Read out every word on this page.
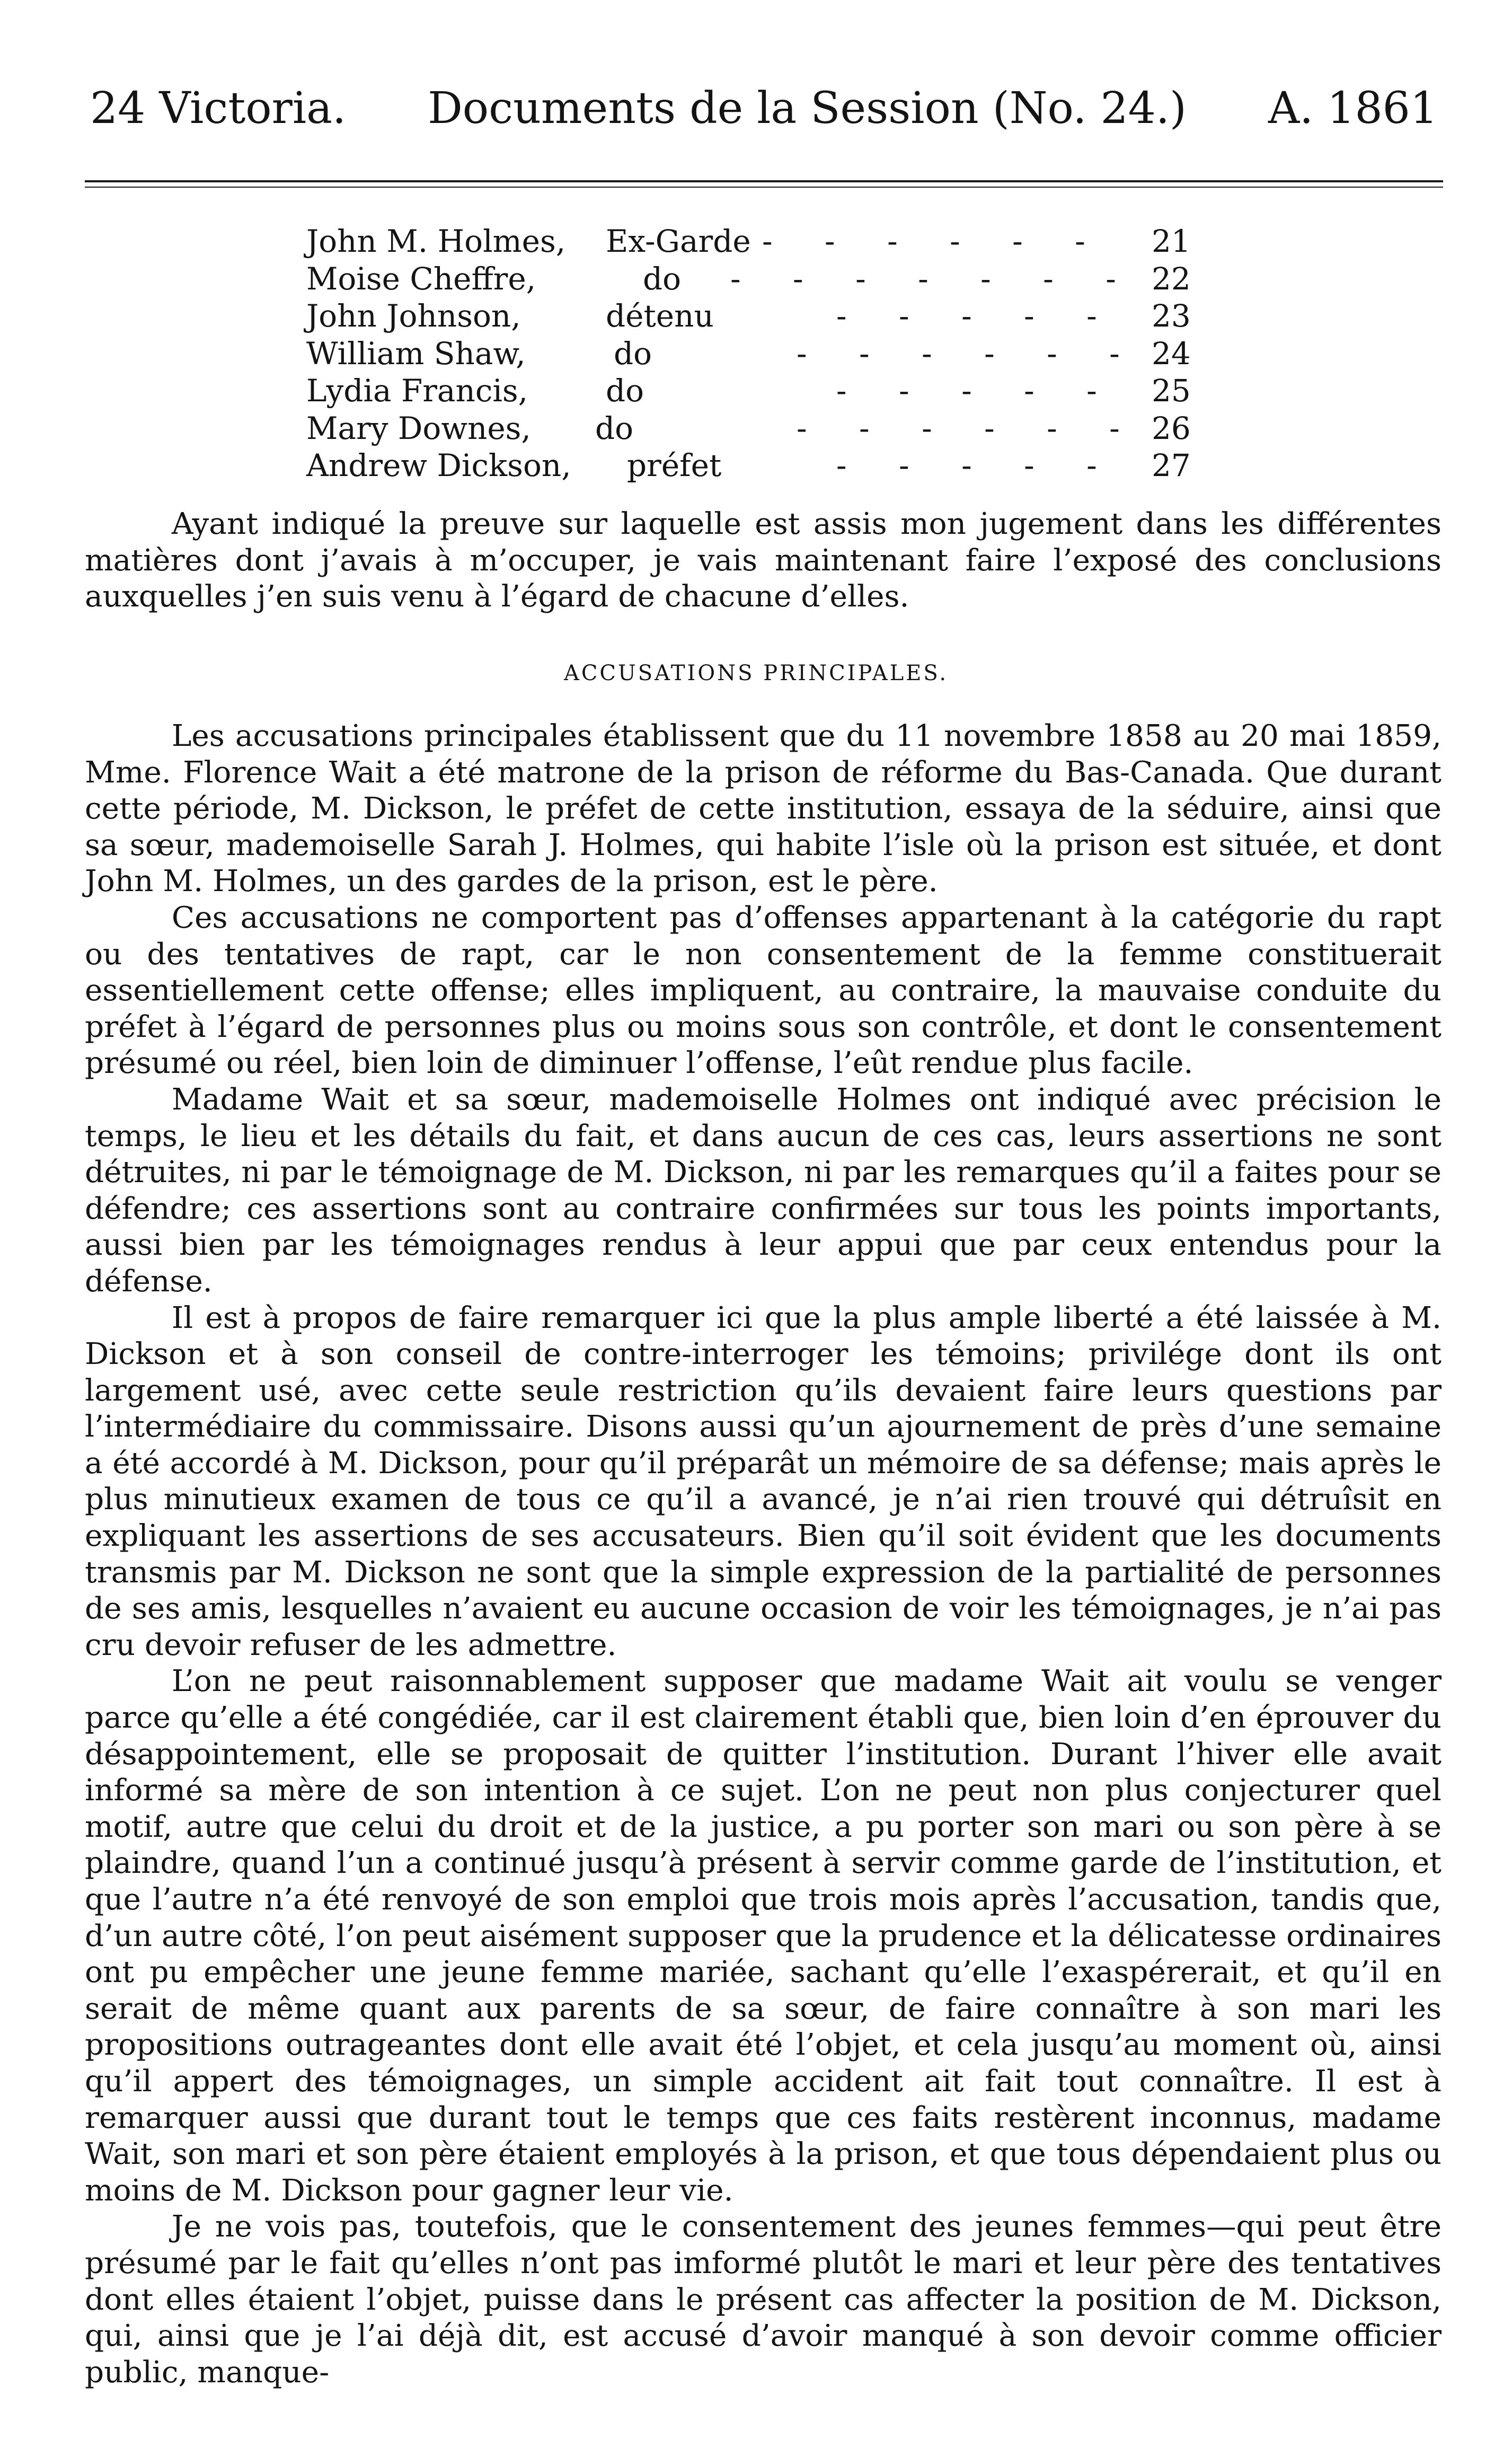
24 Victoria. Documents de la Session (No. 24.) A. 1861
John M. Holmes, Ex-Garde - - - - - - 21
Moise Cheffre,	do - - - - - - - 22
John Johnson,	détenu	- - - - - 23
William Shaw,	do	- - - - - - 24
Lydia Francis,	do	- - - - - 25
Mary Downes, do	- - - - - - 26
Andrew Dickson, préfet	- - - - - 27

Ayant indiqué la preuve sur laquelle est assis mon jugement dans les différentes matières dont j’avais à m’occuper, je vais maintenant faire l’exposé des conclusions auxquelles j’en suis venu à l’égard de chacune d’elles.

ACCUSATIONS PRINCIPALES.

Les accusations principales établissent que du 11 novembre 1858 au 20 mai 1859, Mme. Florence Wait a été matrone de la prison de réforme du Bas-Canada. Que durant cette période, M. Dickson, le préfet de cette institution, essaya de la séduire, ainsi que sa sœur, mademoiselle Sarah J. Holmes, qui habite l’isle où la prison est située, et dont John M. Holmes, un des gardes de la prison, est le père.

Ces accusations ne comportent pas d’offenses appartenant à la catégorie du rapt ou des tentatives de rapt, car le non consentement de la femme constituerait essentiellement cette offense; elles impliquent, au contraire, la mauvaise conduite du préfet à l’égard de personnes plus ou moins sous son contrôle, et dont le consentement présumé ou réel, bien loin de diminuer l’offense, l’eût rendue plus facile.

Madame Wait et sa sœur, mademoiselle Holmes ont indiqué avec précision le temps, le lieu et les détails du fait, et dans aucun de ces cas, leurs assertions ne sont détruites, ni par le témoignage de M. Dickson, ni par les remarques qu’il a faites pour se défendre; ces assertions sont au contraire confirmées sur tous les points importants, aussi bien par les témoignages rendus à leur appui que par ceux entendus pour la défense.

Il est à propos de faire remarquer ici que la plus ample liberté a été laissée à M. Dickson et à son conseil de contre-interroger les témoins; privilége dont ils ont largement usé, avec cette seule restriction qu’ils devaient faire leurs questions par l’intermédiaire du commissaire. Disons aussi qu’un ajournement de près d’une semaine a été accordé à M. Dickson, pour qu’il préparât un mémoire de sa défense; mais après le plus minutieux examen de tous ce qu’il a avancé, je n’ai rien trouvé qui détruîsit en expliquant les assertions de ses accusateurs. Bien qu’il soit évident que les documents transmis par M. Dickson ne sont que la simple expression de la partialité de personnes de ses amis, lesquelles n’avaient eu aucune occasion de voir les témoignages, je n’ai pas cru devoir refuser de les admettre.

L’on ne peut raisonnablement supposer que madame Wait ait voulu se venger parce qu’elle a été congédiée, car il est clairement établi que, bien loin d’en éprouver du désappointement, elle se proposait de quitter l’institution. Durant l’hiver elle avait informé sa mère de son intention à ce sujet. L’on ne peut non plus conjecturer quel motif, autre que celui du droit et de la justice, a pu porter son mari ou son père à se plaindre, quand l’un a continué jusqu’à présent à servir comme garde de l’institution, et que l’autre n’a été renvoyé de son emploi que trois mois après l’accusation, tandis que, d’un autre côté, l’on peut aisément supposer que la prudence et la délicatesse ordinaires ont pu empêcher une jeune femme mariée, sachant qu’elle l’exaspérerait, et qu’il en serait de même quant aux parents de sa sœur, de faire connaître à son mari les propositions outrageantes dont elle avait été l’objet, et cela jusqu’au moment où, ainsi qu’il appert des témoignages, un simple accident ait fait tout connaître. Il est à remarquer aussi que durant tout le temps que ces faits restèrent inconnus, madame Wait, son mari et son père étaient employés à la prison, et que tous dépendaient plus ou moins de M. Dickson pour gagner leur vie.

Je ne vois pas, toutefois, que le consentement des jeunes femmes—qui peut être présumé par le fait qu’elles n’ont pas imformé plutôt le mari et leur père des tentatives dont elles étaient l’objet, puisse dans le présent cas affecter la position de M. Dickson, qui, ainsi que je l’ai déjà dit, est accusé d’avoir manqué à son devoir comme officier public, manque-
